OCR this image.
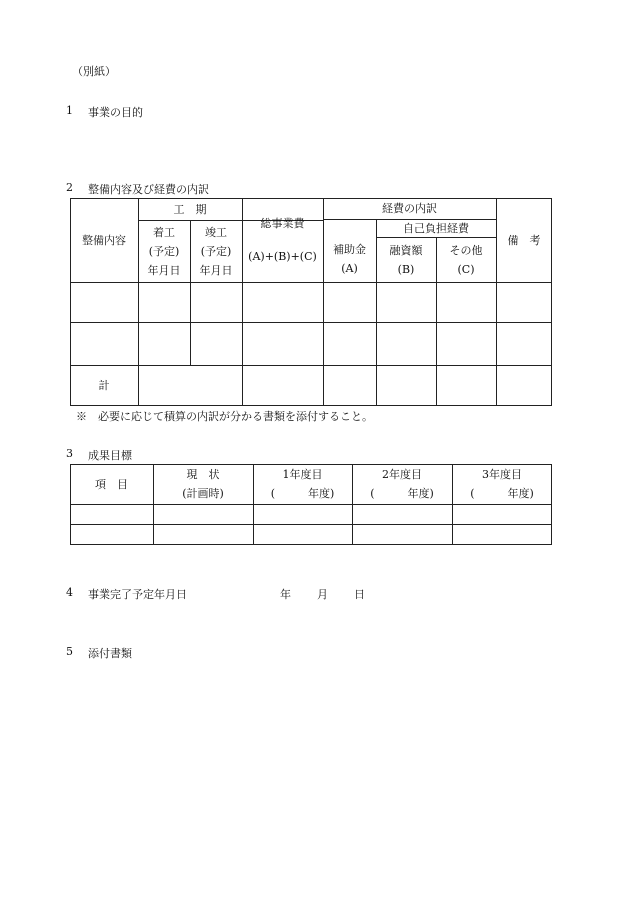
（別紙）
1 事業の目的
2 整備内容及び経費の内訳
整備内容
工　期
着工
(予定)
年月日
竣工
(予定)
年月日
総事業費
(A)+(B)+(C)
経費の内訳
補助金
(A)
自己負担経費
融資額
(B)
その他
(C)
備　考
計
※　必要に応じて積算の内訳が分かる書類を添付すること。
3 成果目標
項　目
現　状
(計画時)
1年度目
(　　　年度)
2年度目
(　　　年度)
3年度目
(　　　年度)
4 事業完了予定年月日	年 月 日
5 添付書類
